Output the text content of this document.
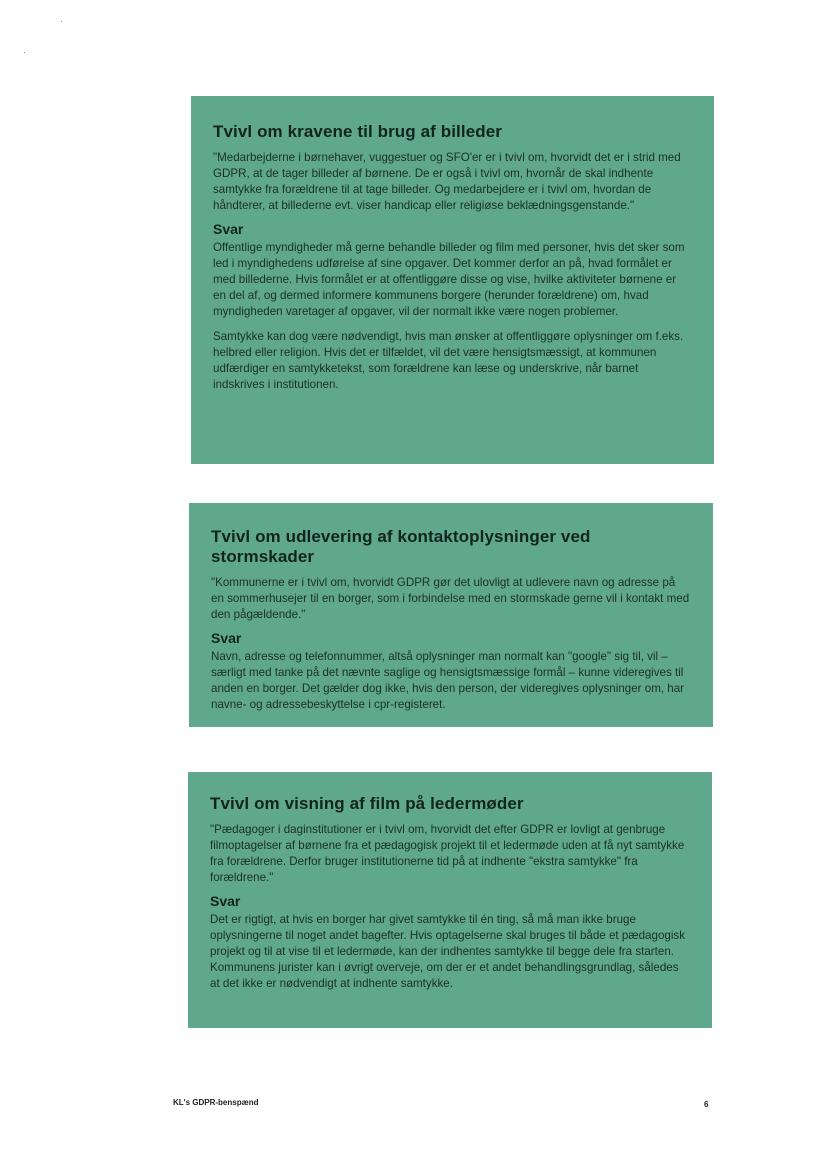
Tvivl om kravene til brug af billeder

"Medarbejderne i børnehaver, vuggestuer og SFO'er er i tvivl om, hvorvidt det er i strid med GDPR, at de tager billeder af børnene. De er også i tvivl om, hvornår de skal indhente samtykke fra forældrene til at tage billeder. Og medarbejdere er i tvivl om, hvordan de håndterer, at billederne evt. viser handicap eller religiøse beklædningsgenstande."

Svar

Offentlige myndigheder må gerne behandle billeder og film med personer, hvis det sker som led i myndighedens udførelse af sine opgaver. Det kommer derfor an på, hvad formålet er med billederne. Hvis formålet er at offentliggøre disse og vise, hvilke aktiviteter børnene er en del af, og dermed informere kommunens borgere (herunder forældrene) om, hvad myndigheden varetager af opgaver, vil der normalt ikke være nogen problemer.

Samtykke kan dog være nødvendigt, hvis man ønsker at offentliggøre oplysninger om f.eks. helbred eller religion. Hvis det er tilfældet, vil det være hensigtsmæssigt, at kommunen udfærdiger en samtykketekst, som forældrene kan læse og underskrive, når barnet indskrives i institutionen.

Tvivl om udlevering af kontaktoplysninger ved stormskader

"Kommunerne er i tvivl om, hvorvidt GDPR gør det ulovligt at udlevere navn og adresse på en sommerhusejer til en borger, som i forbindelse med en stormskade gerne vil i kontakt med den pågældende."

Svar

Navn, adresse og telefonnummer, altså oplysninger man normalt kan "google" sig til, vil – særligt med tanke på det nævnte saglige og hensigtsmæssige formål – kunne videregives til anden en borger. Det gælder dog ikke, hvis den person, der videregives oplysninger om, har navne- og adressebeskyttelse i cpr-registeret.

Tvivl om visning af film på ledermøder

"Pædagoger i daginstitutioner er i tvivl om, hvorvidt det efter GDPR er lovligt at genbruge filmoptagelser af børnene fra et pædagogisk projekt til et ledermøde uden at få nyt samtykke fra forældrene. Derfor bruger institutionerne tid på at indhente "ekstra samtykke" fra forældrene."

Svar

Det er rigtigt, at hvis en borger har givet samtykke til én ting, så må man ikke bruge oplysningerne til noget andet bagefter. Hvis optagelserne skal bruges til både et pædagogisk projekt og til at vise til et ledermøde, kan der indhentes samtykke til begge dele fra starten. Kommunens jurister kan i øvrigt overveje, om der er et andet behandlingsgrundlag, således at det ikke er nødvendigt at indhente samtykke.

KL's GDPR-benspænd	6
